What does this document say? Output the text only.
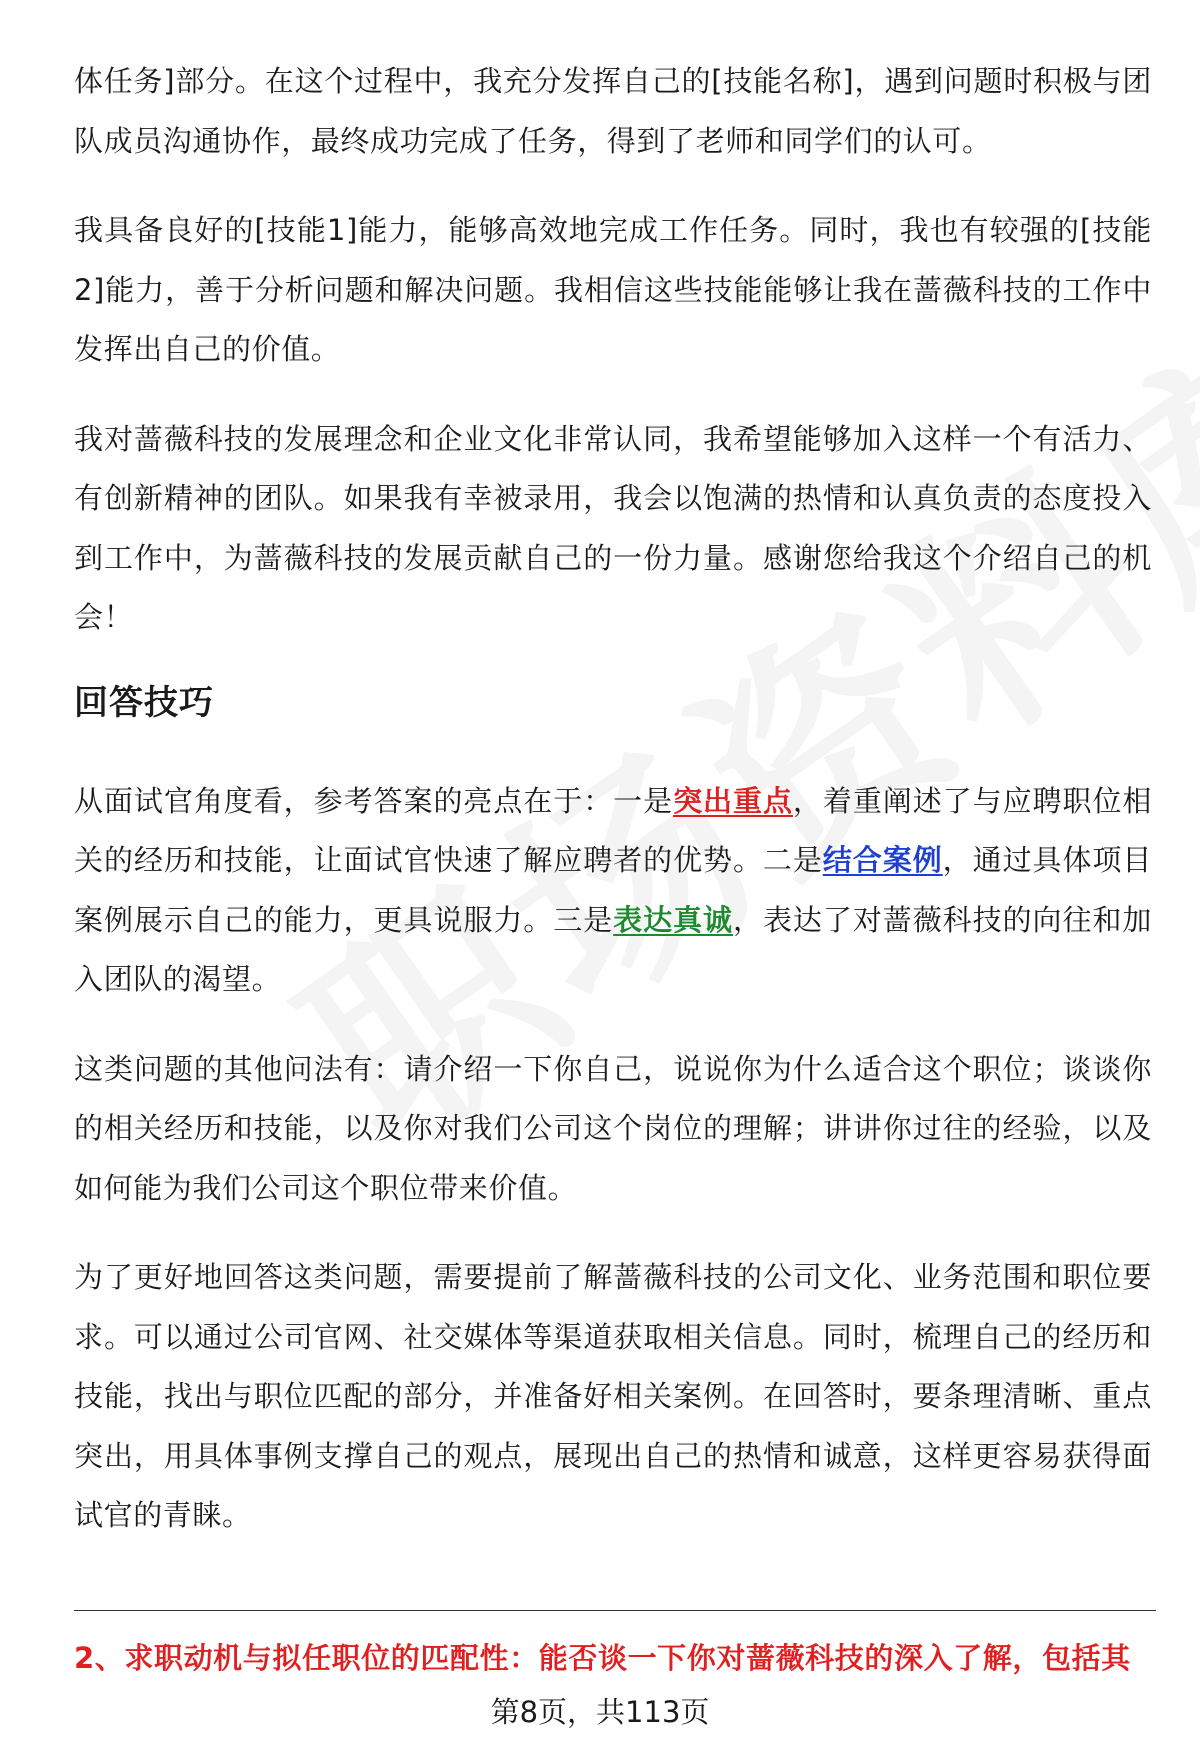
体任务]部分。在这个过程中，我充分发挥自己的[技能名称]，遇到问题时积极与团队成员沟通协作，最终成功完成了任务，得到了老师和同学们的认可。

我具备良好的[技能1]能力，能够高效地完成工作任务。同时，我也有较强的[技能2]能力，善于分析问题和解决问题。我相信这些技能能够让我在蔷薇科技的工作中发挥出自己的价值。

我对蔷薇科技的发展理念和企业文化非常认同，我希望能够加入这样一个有活力、有创新精神的团队。如果我有幸被录用，我会以饱满的热情和认真负责的态度投入到工作中，为蔷薇科技的发展贡献自己的一份力量。感谢您给我这个介绍自己的机会！

回答技巧

从面试官角度看，参考答案的亮点在于：一是突出重点，着重阐述了与应聘职位相关的经历和技能，让面试官快速了解应聘者的优势。二是结合案例，通过具体项目案例展示自己的能力，更具说服力。三是表达真诚，表达了对蔷薇科技的向往和加入团队的渴望。

这类问题的其他问法有：请介绍一下你自己，说说你为什么适合这个职位；谈谈你的相关经历和技能，以及你对我们公司这个岗位的理解；讲讲你过往的经验，以及如何能为我们公司这个职位带来价值。

为了更好地回答这类问题，需要提前了解蔷薇科技的公司文化、业务范围和职位要求。可以通过公司官网、社交媒体等渠道获取相关信息。同时，梳理自己的经历和技能，找出与职位匹配的部分，并准备好相关案例。在回答时，要条理清晰、重点突出，用具体事例支撑自己的观点，展现出自己的热情和诚意，这样更容易获得面试官的青睐。

2、求职动机与拟任职位的匹配性：能否谈一下你对蔷薇科技的深入了解，包括其
第8页，共113页
